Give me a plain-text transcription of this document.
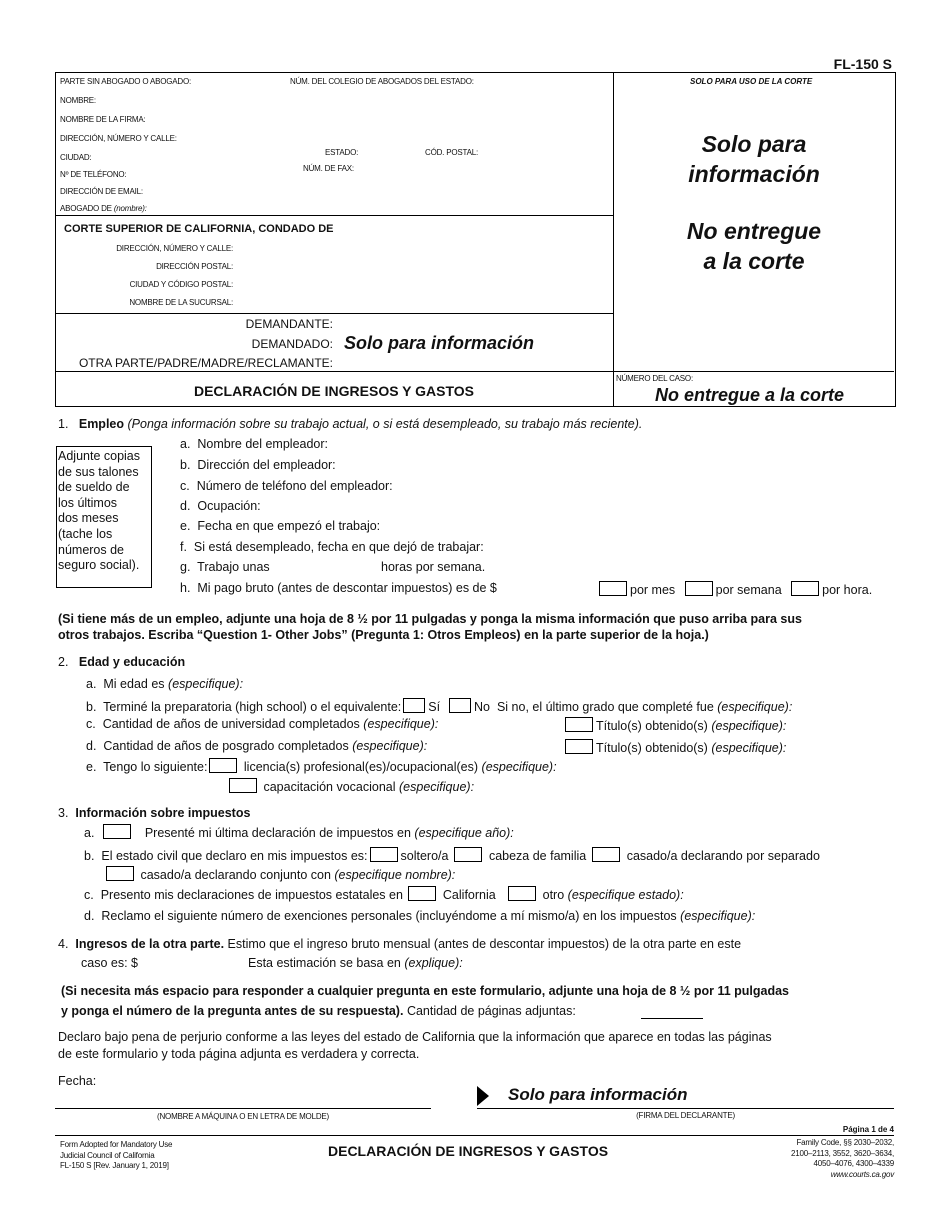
FL-150 S
PARTE SIN ABOGADO O ABOGADO:
NOMBRE:
NOMBRE DE LA FIRMA:
DIRECCIÓN, NÚMERO Y CALLE:
CIUDAD:
Nº DE TELÉFONO:
DIRECCIÓN DE EMAIL:
ABOGADO DE (nombre):
NÚM. DEL COLEGIO DE ABOGADOS DEL ESTADO:
ESTADO:	CÓD. POSTAL:
NÚM. DE FAX:
SOLO PARA USO DE LA CORTE
Solo para
información
No entregue
a la corte
CORTE SUPERIOR DE CALIFORNIA, CONDADO DE
DIRECCIÓN, NÚMERO Y CALLE:
DIRECCIÓN POSTAL:
CIUDAD Y CÓDIGO POSTAL:
NOMBRE DE LA SUCURSAL:
DEMANDANTE:
DEMANDADO:
OTRA PARTE/PADRE/MADRE/RECLAMANTE:
Solo para información
DECLARACIÓN DE INGRESOS Y GASTOS
NÚMERO DEL CASO:
No entregue a la corte
1. Empleo (Ponga información sobre su trabajo actual, o si está desempleado, su trabajo más reciente).
Adjunte copias
de sus talones
de sueldo de
los últimos
dos meses
(tache los
números de
seguro social).
a. Nombre del empleador:
b. Dirección del empleador:
c. Número de teléfono del empleador:
d. Ocupación:
e. Fecha en que empezó el trabajo:
f. Si está desempleado, fecha en que dejó de trabajar:
g. Trabajo unas	horas por semana.
h. Mi pago bruto (antes de descontar impuestos) es de $	por mes	por semana	por hora.
(Si tiene más de un empleo, adjunte una hoja de 8 ½ por 11 pulgadas y ponga la misma información que puso arriba para sus
otros trabajos. Escriba “Question 1- Other Jobs” (Pregunta 1: Otros Empleos) en la parte superior de la hoja.)
2. Edad y educación
a. Mi edad es (especifique):
b. Terminé la preparatoria (high school) o el equivalente: Sí	No Si no, el último grado que completé fue (especifique):
c. Cantidad de años de universidad completados (especifique):	Título(s) obtenido(s) (especifique):
d. Cantidad de años de posgrado completados (especifique):	Título(s) obtenido(s) (especifique):
e. Tengo lo siguiente:	licencia(s) profesional(es)/ocupacional(es) (especifique):
capacitación vocacional (especifique):
3. Información sobre impuestos
a.	Presenté mi última declaración de impuestos en (especifique año):
b. El estado civil que declaro en mis impuestos es:	soltero/a	cabeza de familia	casado/a declarando por separado
casado/a declarando conjunto con (especifique nombre):
c. Presento mis declaraciones de impuestos estatales en	California	otro (especifique estado):
d. Reclamo el siguiente número de exenciones personales (incluyéndome a mí mismo/a) en los impuestos (especifique):
4. Ingresos de la otra parte. Estimo que el ingreso bruto mensual (antes de descontar impuestos) de la otra parte en este
caso es: $	Esta estimación se basa en (explique):
(Si necesita más espacio para responder a cualquier pregunta en este formulario, adjunte una hoja de 8 ½ por 11 pulgadas
y ponga el número de la pregunta antes de su respuesta). Cantidad de páginas adjuntas:
Declaro bajo pena de perjurio conforme a las leyes del estado de California que la información que aparece en todas las páginas
de este formulario y toda página adjunta es verdadera y correcta.
Fecha:
Solo para información
(NOMBRE A MÁQUINA O EN LETRA DE MOLDE)	(FIRMA DEL DECLARANTE)
Página 1 de 4
Form Adopted for Mandatory Use
Judicial Council of California
FL-150 S [Rev. January 1, 2019]
DECLARACIÓN DE INGRESOS Y GASTOS
Family Code, §§ 2030–2032,
2100–2113, 3552, 3620–3634,
4050–4076, 4300–4339
www.courts.ca.gov
